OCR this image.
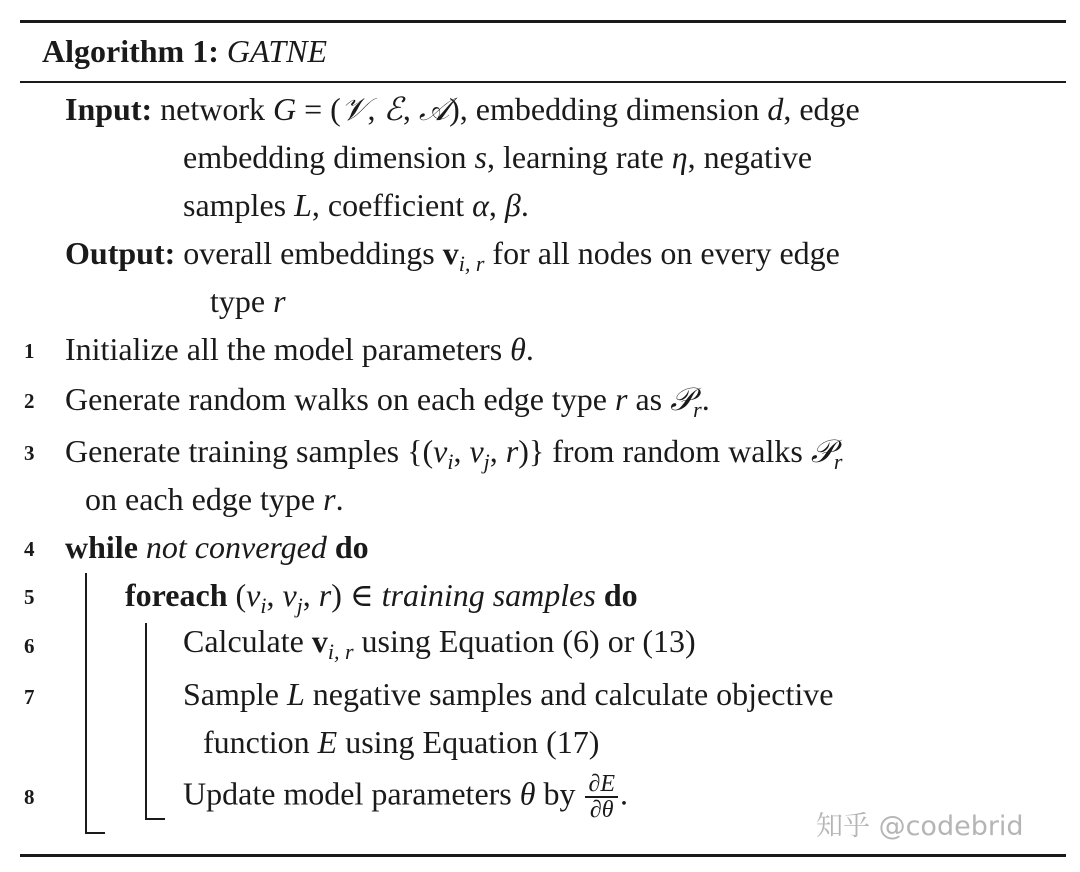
Algorithm 1: GATNE
Input: network G = (𝒱, ℰ, 𝒜), embedding dimension d, edge
embedding dimension s, learning rate η, negative
samples L, coefficient α, β.
Output: overall embeddings $v_{i, r}$ for all nodes on every edge
type r
1 Initialize all the model parameters θ.
2 Generate random walks on each edge type r as 𝒫$_r$.
3 Generate training samples {($v_i$, $v_j$, r)} from random walks 𝒫$_r$
on each edge type r.
4 while not converged do
5	foreach ($v_i$, $v_j$, r) ∈ training samples do
6	Calculate $v_{i, r}$ using Equation (6) or (13)
7	Sample L negative samples and calculate objective
function E using Equation (17)
8	Update model parameters θ by $\frac{\partial E}{\partial\theta}$ .
知乎 @codebrid
